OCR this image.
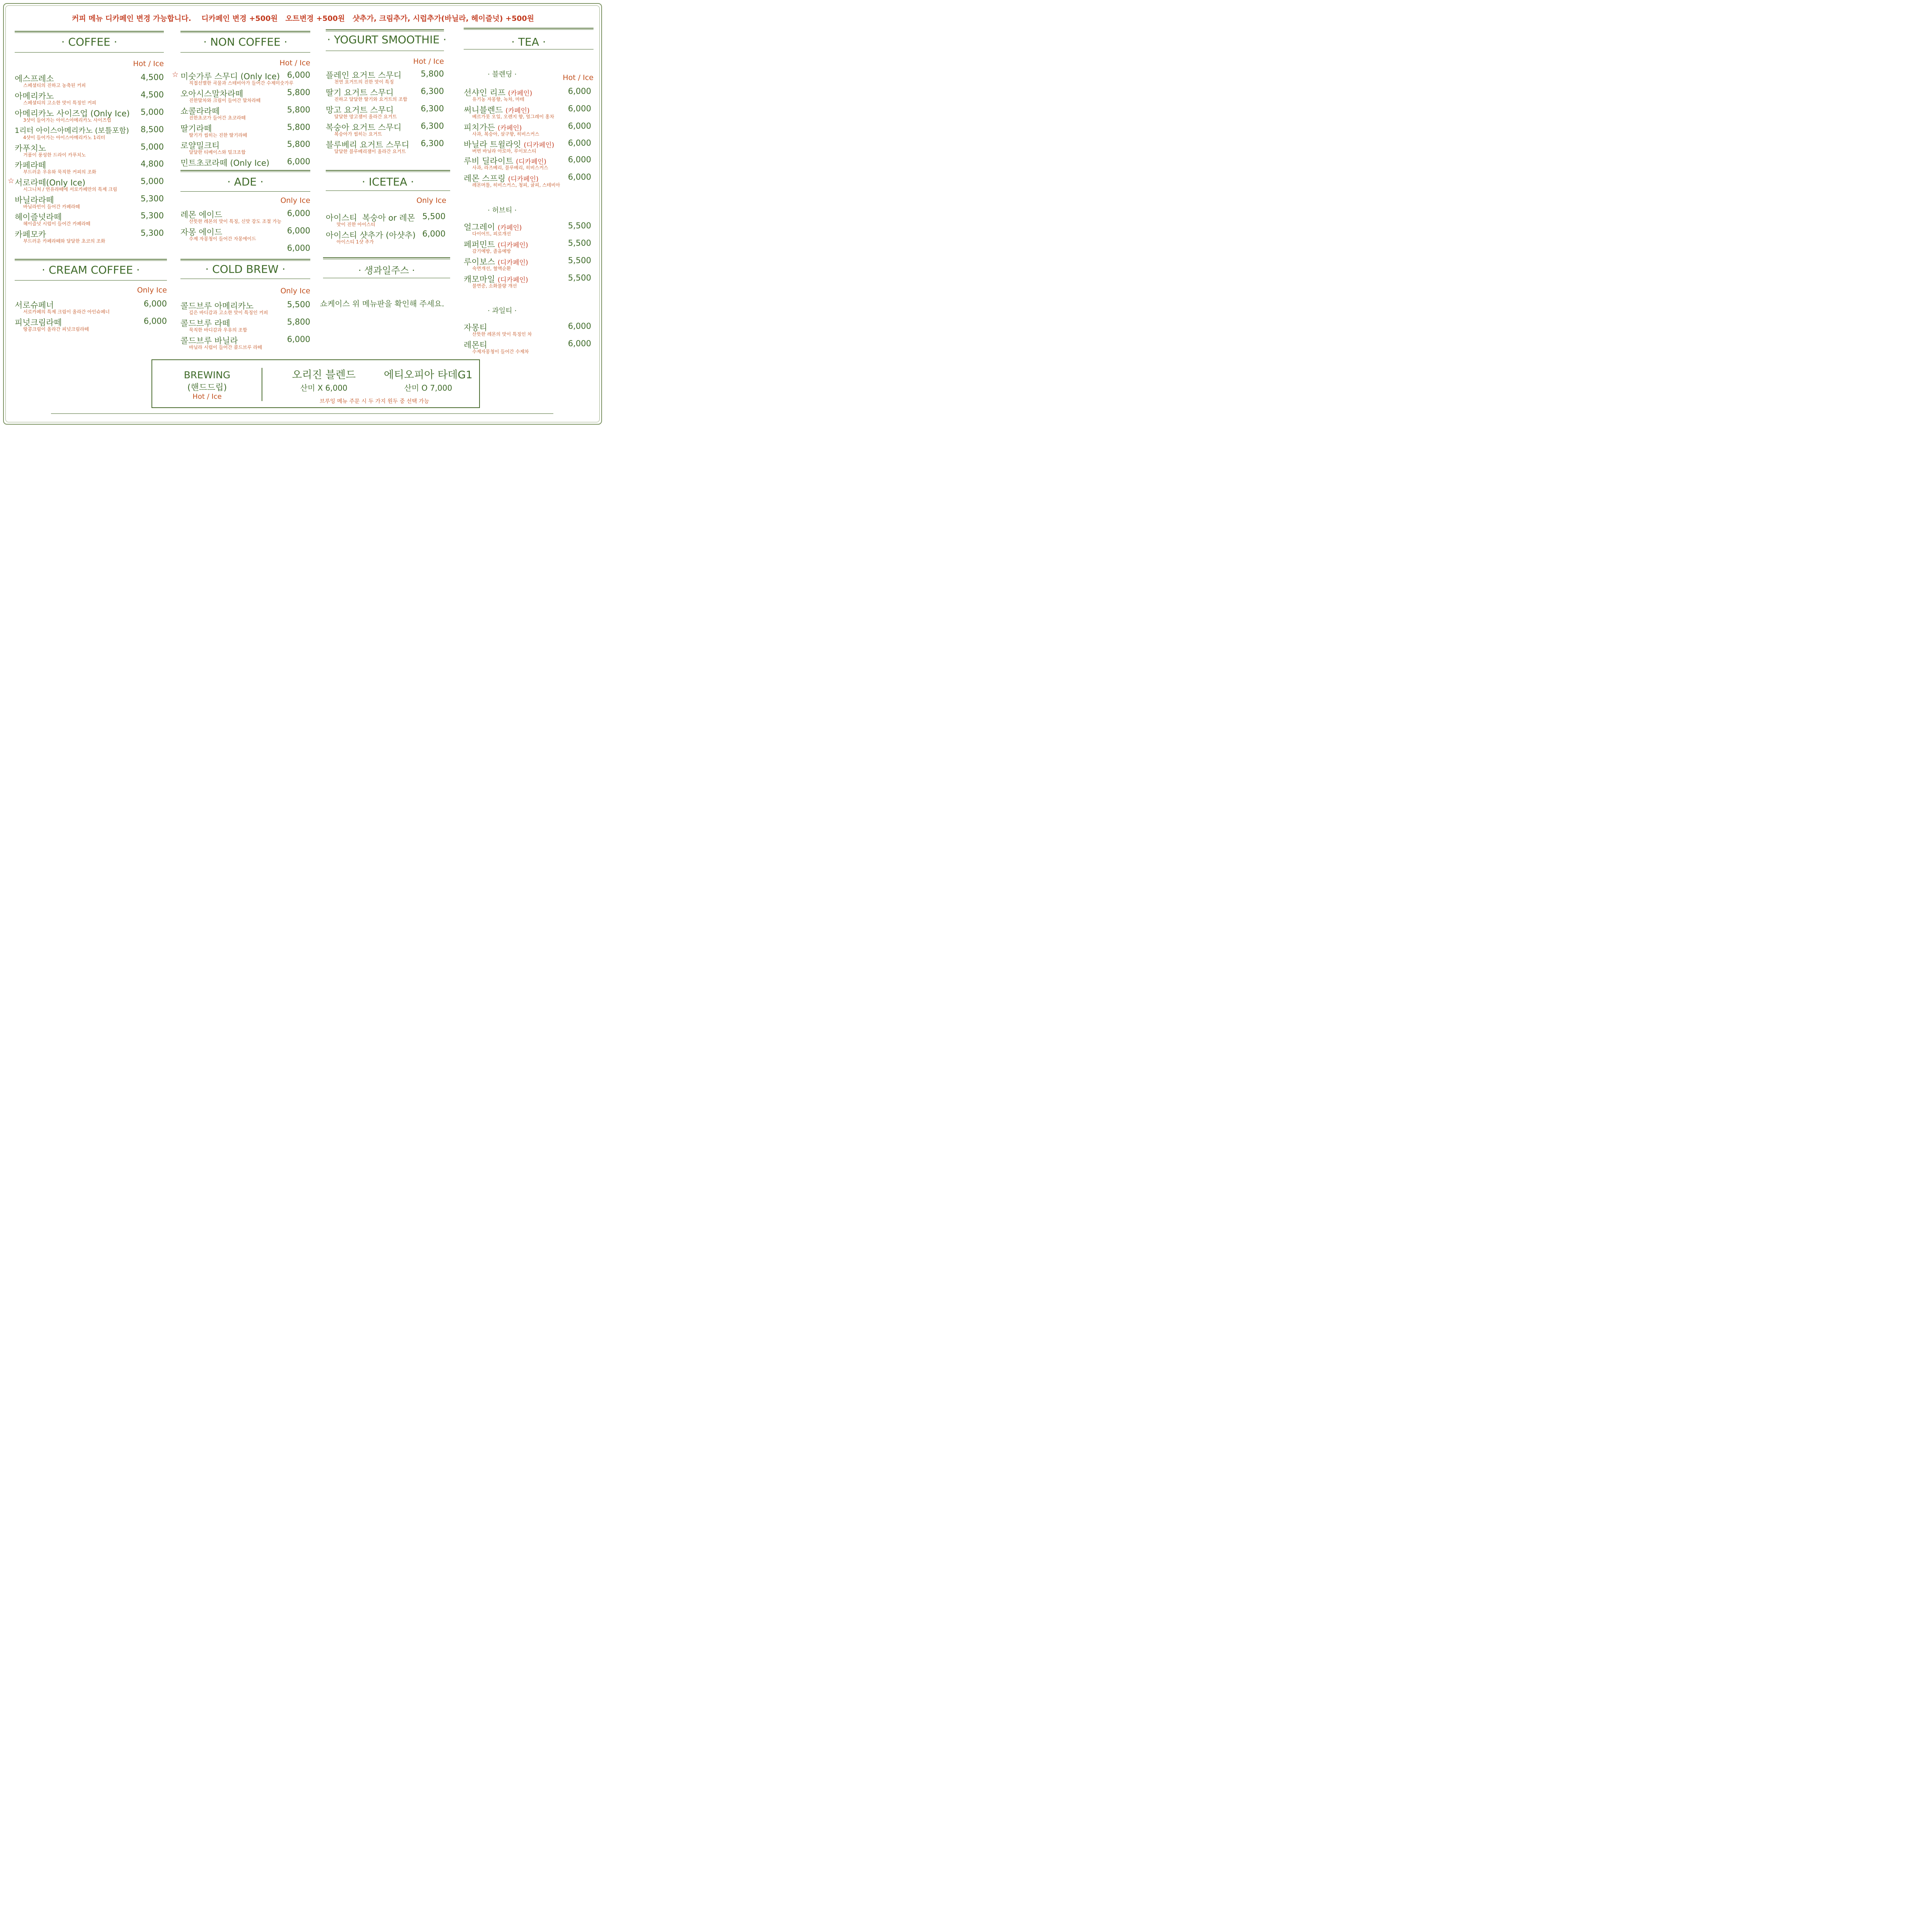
커피 메뉴 디카페인 변경 가능합니다.    디카페인 변경 +500원   오트변경 +500원   샷추가, 크림추가, 시럽추가(바닐라, 헤이즐넛) +500원
· COFFEE ·
Hot / Ice
에스프레소	4,500
스페셜티의 진하고 농축된 커피
아메리카노	4,500
스페셜티의 고소한 맛이 특징인 커피
아메리카노 사이즈업 (Only Ice) 5,000
3샷이 들어가는 아이스아메리카노 사이즈업
1리터 아이스아메리카노 (보틀포함) 8,500
4샷이 들어가는 아이스아메리카노 1리터
카푸치노	5,000
거품이 풍성한 드라이 카푸치노
카페라떼	4,800
부드러운 우유와 묵직한 커피의 조화
☆ 서로라떼(Only Ice)	5,000
시그니처 / 연유라떼에 서로카페만의 특제 크림
바닐라라떼	5,300
바닐라빈이 들어간 카페라떼
헤이즐넛라떼	5,300
헤이즐넛 시럽이 들어간 카페라떼
카페모카	5,300
부드러운 카페라떼와 달달한 초코의 조화
· CREAM COFFEE ·
Only Ice
서로슈페너	6,000
서로카페의 특제 크림이 올라간 아인슈페너
피넛크림라떼	6,000
땅콩크림이 올라간 피넛크림라떼
· NON COFFEE ·
Hot / Ice
☆ 미숫가루 스무디 (Only Ice) 6,000
직접선별한 곡물과 스테비아가 들어간 수제미숫가루
오아시스말차라떼	5,800
진한말차와 크림이 들어간 말차라떼
쇼콜라라떼	5,800
진한초코가 들어간 초코라떼
딸기라떼	5,800
딸기가 씹히는 진한 딸기라떼
로얄밀크티	5,800
달달한 티베이스와 밀크조합
민트초코라떼 (Only Ice) 6,000
· ADE ·
Only Ice
레몬 에이드	6,000
산뜻한 레몬의 맛이 특징, 신맛 강도 조절 가능
자몽 에이드	6,000
수제 자몽청이 들어간 자몽에이드
6,000
· COLD BREW ·
Only Ice
콜드브루 아메리카노	5,500
깊은 바디감과 고소한 맛이 특징인 커피
콜드브루 라떼	5,800
묵직한 바디감과 우유의 조합
콜드브루 바닐라	6,000
바닐라 시럽이 들어간 콜드브루 라떼
· YOGURT SMOOTHIE ·
Hot / Ice
플레인 요거트 스무디 5,800
천연 요거트의 진한 맛이 특징
딸기 요거트 스무디	6,300
진하고 달달한 딸기와 요거트의 조합
망고 요거트 스무디	6,300
달달한 망고잼이 올라간 요거트
복숭아 요거트 스무디 6,300
복숭아가 씹히는 요거트
블루베리 요거트 스무디 6,300
달달한 블루베리잼이 올라간 요거트
· ICETEA ·
Only Ice
아이스티  복숭아 or 레몬 5,500
맛이 진한 아이스티
아이스티 샷추가 (아샷추) 6,000
아이스티 1샷 추가
· 생과일주스 ·
쇼케이스 위 메뉴판을 확인해 주세요.
· TEA ·
· 블렌딩 ·	Hot / Ice
선샤인 리프 (카페인)	6,000
유기농 자몽향, 녹차, 마테
써니블렌드 (카페인)	6,000
베르가못 오일, 오렌지 향, 얼그레이 홍차
피치가든 (카페인)	6,000
사과, 복숭아, 살구향, 히비스커스
바닐라 트윌라잇 (디카페인) 6,000
버번 바닐라 아로마, 루이보스티
루비 딜라이트 (디카페인)	6,000
사과, 라즈베리, 블루베리, 히비스커스
레몬 스프링 (디카페인)	6,000
레몬머틀, 히비스커스, 청피, 귤피, 스테비아
· 허브티 ·
얼그레이 (카페인)	5,500
다이어트, 피로개선
페퍼민트 (디카페인)	5,500
감기예방, 졸음예방
루이보스 (디카페인)	5,500
숙면개선, 혈액순환
캐모마일 (디카페인)	5,500
불면증, 소화불량 개선
· 과일티 ·
자몽티	6,000
산뜻한 레몬의 맛이 특징인 차
레몬티	6,000
수제자몽청이 들어간 수제차
BREWING
(핸드드립)
Hot / Ice
오리진 블렌드
산미 X 6,000
에티오피아 타데G1
산미 O 7,000
브루잉 메뉴 주문 시 두 가지 원두 중 선택 가능
